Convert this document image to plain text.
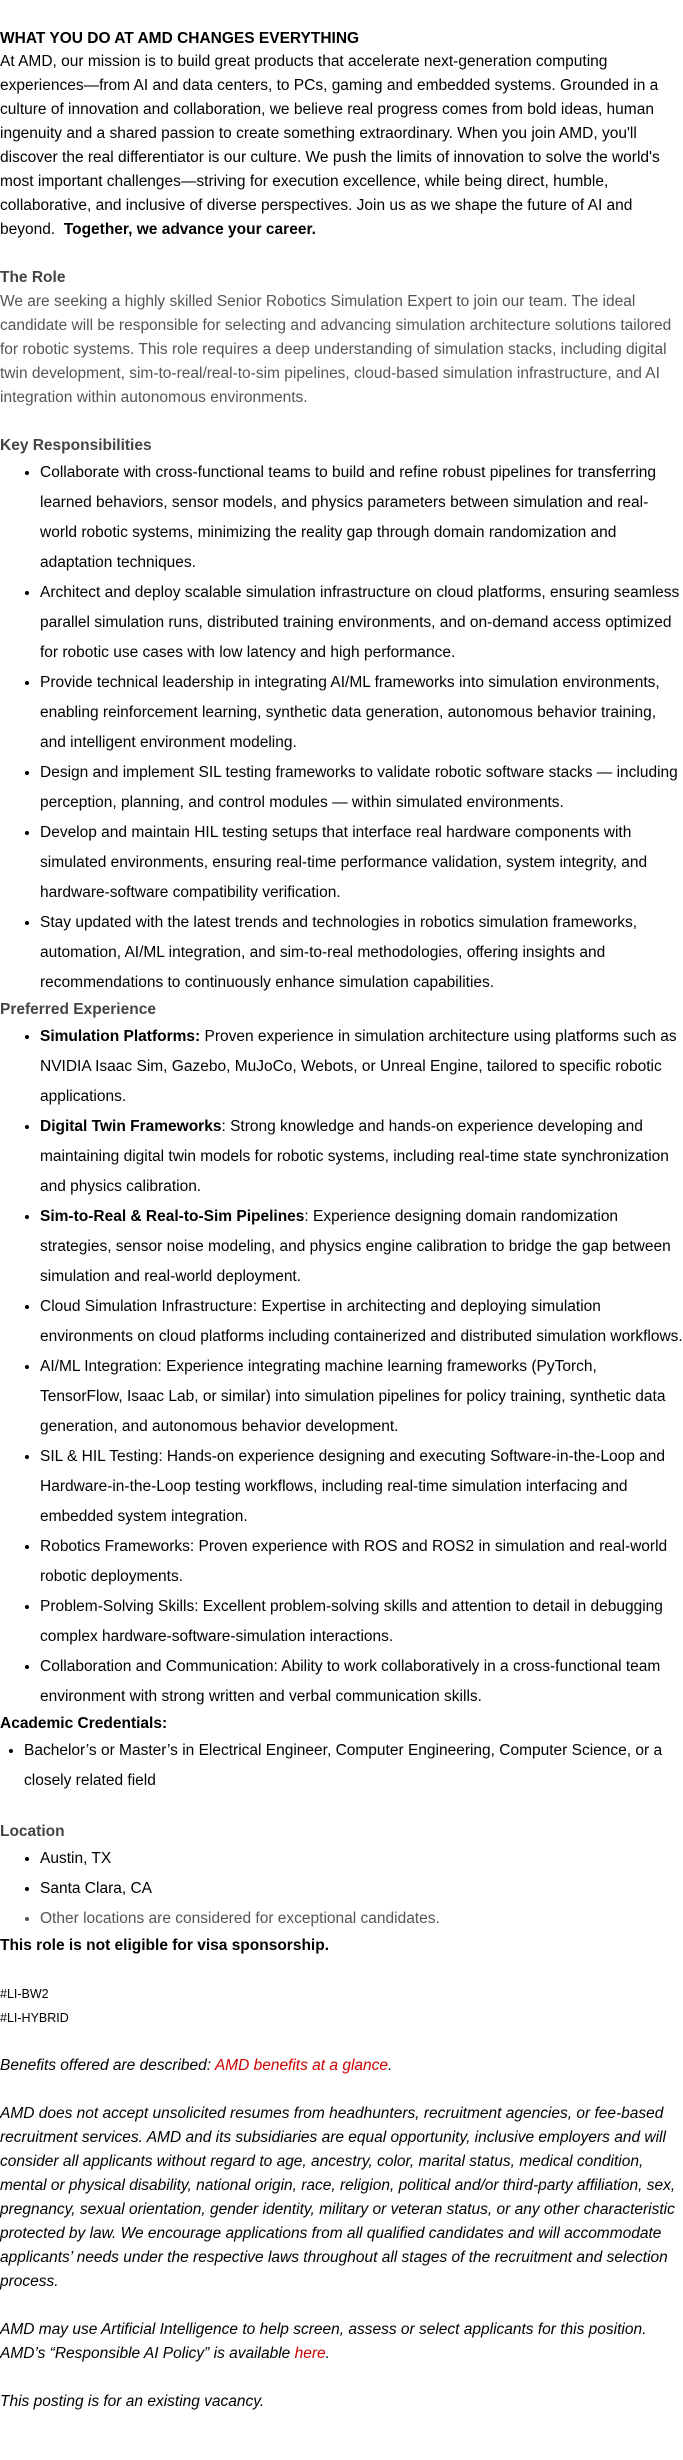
WHAT YOU DO AT AMD CHANGES EVERYTHING

At AMD, our mission is to build great products that accelerate next-generation computing experiences—from AI and data centers, to PCs, gaming and embedded systems. Grounded in a culture of innovation and collaboration, we believe real progress comes from bold ideas, human ingenuity and a shared passion to create something extraordinary. When you join AMD, you'll discover the real differentiator is our culture. We push the limits of innovation to solve the world's most important challenges—striving for execution excellence, while being direct, humble, collaborative, and inclusive of diverse perspectives. Join us as we shape the future of AI and beyond. Together, we advance your career.

The Role

We are seeking a highly skilled Senior Robotics Simulation Expert to join our team. The ideal candidate will be responsible for selecting and advancing simulation architecture solutions tailored for robotic systems. This role requires a deep understanding of simulation stacks, including digital twin development, sim-to-real/real-to-sim pipelines, cloud-based simulation infrastructure, and AI integration within autonomous environments.

Key Responsibilities
• Collaborate with cross-functional teams to build and refine robust pipelines for transferring learned behaviors, sensor models, and physics parameters between simulation and real-world robotic systems, minimizing the reality gap through domain randomization and adaptation techniques.
• Architect and deploy scalable simulation infrastructure on cloud platforms, ensuring seamless parallel simulation runs, distributed training environments, and on-demand access optimized for robotic use cases with low latency and high performance.
• Provide technical leadership in integrating AI/ML frameworks into simulation environments, enabling reinforcement learning, synthetic data generation, autonomous behavior training, and intelligent environment modeling.
• Design and implement SIL testing frameworks to validate robotic software stacks — including perception, planning, and control modules — within simulated environments.
• Develop and maintain HIL testing setups that interface real hardware components with simulated environments, ensuring real-time performance validation, system integrity, and hardware-software compatibility verification.
• Stay updated with the latest trends and technologies in robotics simulation frameworks, automation, AI/ML integration, and sim-to-real methodologies, offering insights and recommendations to continuously enhance simulation capabilities.
Preferred Experience
• Simulation Platforms: Proven experience in simulation architecture using platforms such as NVIDIA Isaac Sim, Gazebo, MuJoCo, Webots, or Unreal Engine, tailored to specific robotic applications.
• Digital Twin Frameworks: Strong knowledge and hands-on experience developing and maintaining digital twin models for robotic systems, including real-time state synchronization and physics calibration.
• Sim-to-Real & Real-to-Sim Pipelines: Experience designing domain randomization strategies, sensor noise modeling, and physics engine calibration to bridge the gap between simulation and real-world deployment.
• Cloud Simulation Infrastructure: Expertise in architecting and deploying simulation environments on cloud platforms including containerized and distributed simulation workflows.
• AI/ML Integration: Experience integrating machine learning frameworks (PyTorch, TensorFlow, Isaac Lab, or similar) into simulation pipelines for policy training, synthetic data generation, and autonomous behavior development.
• SIL & HIL Testing: Hands-on experience designing and executing Software-in-the-Loop and Hardware-in-the-Loop testing workflows, including real-time simulation interfacing and embedded system integration.
• Robotics Frameworks: Proven experience with ROS and ROS2 in simulation and real-world robotic deployments.
• Problem-Solving Skills: Excellent problem-solving skills and attention to detail in debugging complex hardware-software-simulation interactions.
• Collaboration and Communication: Ability to work collaboratively in a cross-functional team environment with strong written and verbal communication skills.
Academic Credentials:
• Bachelor’s or Master’s in Electrical Engineer, Computer Engineering, Computer Science, or a closely related field
Location
• Austin, TX
• Santa Clara, CA
• Other locations are considered for exceptional candidates.
This role is not eligible for visa sponsorship.
#LI-BW2
#LI-HYBRID

Benefits offered are described: AMD benefits at a glance.

AMD does not accept unsolicited resumes from headhunters, recruitment agencies, or fee-based recruitment services. AMD and its subsidiaries are equal opportunity, inclusive employers and will consider all applicants without regard to age, ancestry, color, marital status, medical condition, mental or physical disability, national origin, race, religion, political and/or third-party affiliation, sex, pregnancy, sexual orientation, gender identity, military or veteran status, or any other characteristic protected by law. We encourage applications from all qualified candidates and will accommodate applicants’ needs under the respective laws throughout all stages of the recruitment and selection process.

AMD may use Artificial Intelligence to help screen, assess or select applicants for this position.

AMD’s “Responsible AI Policy” is available here.

This posting is for an existing vacancy.
